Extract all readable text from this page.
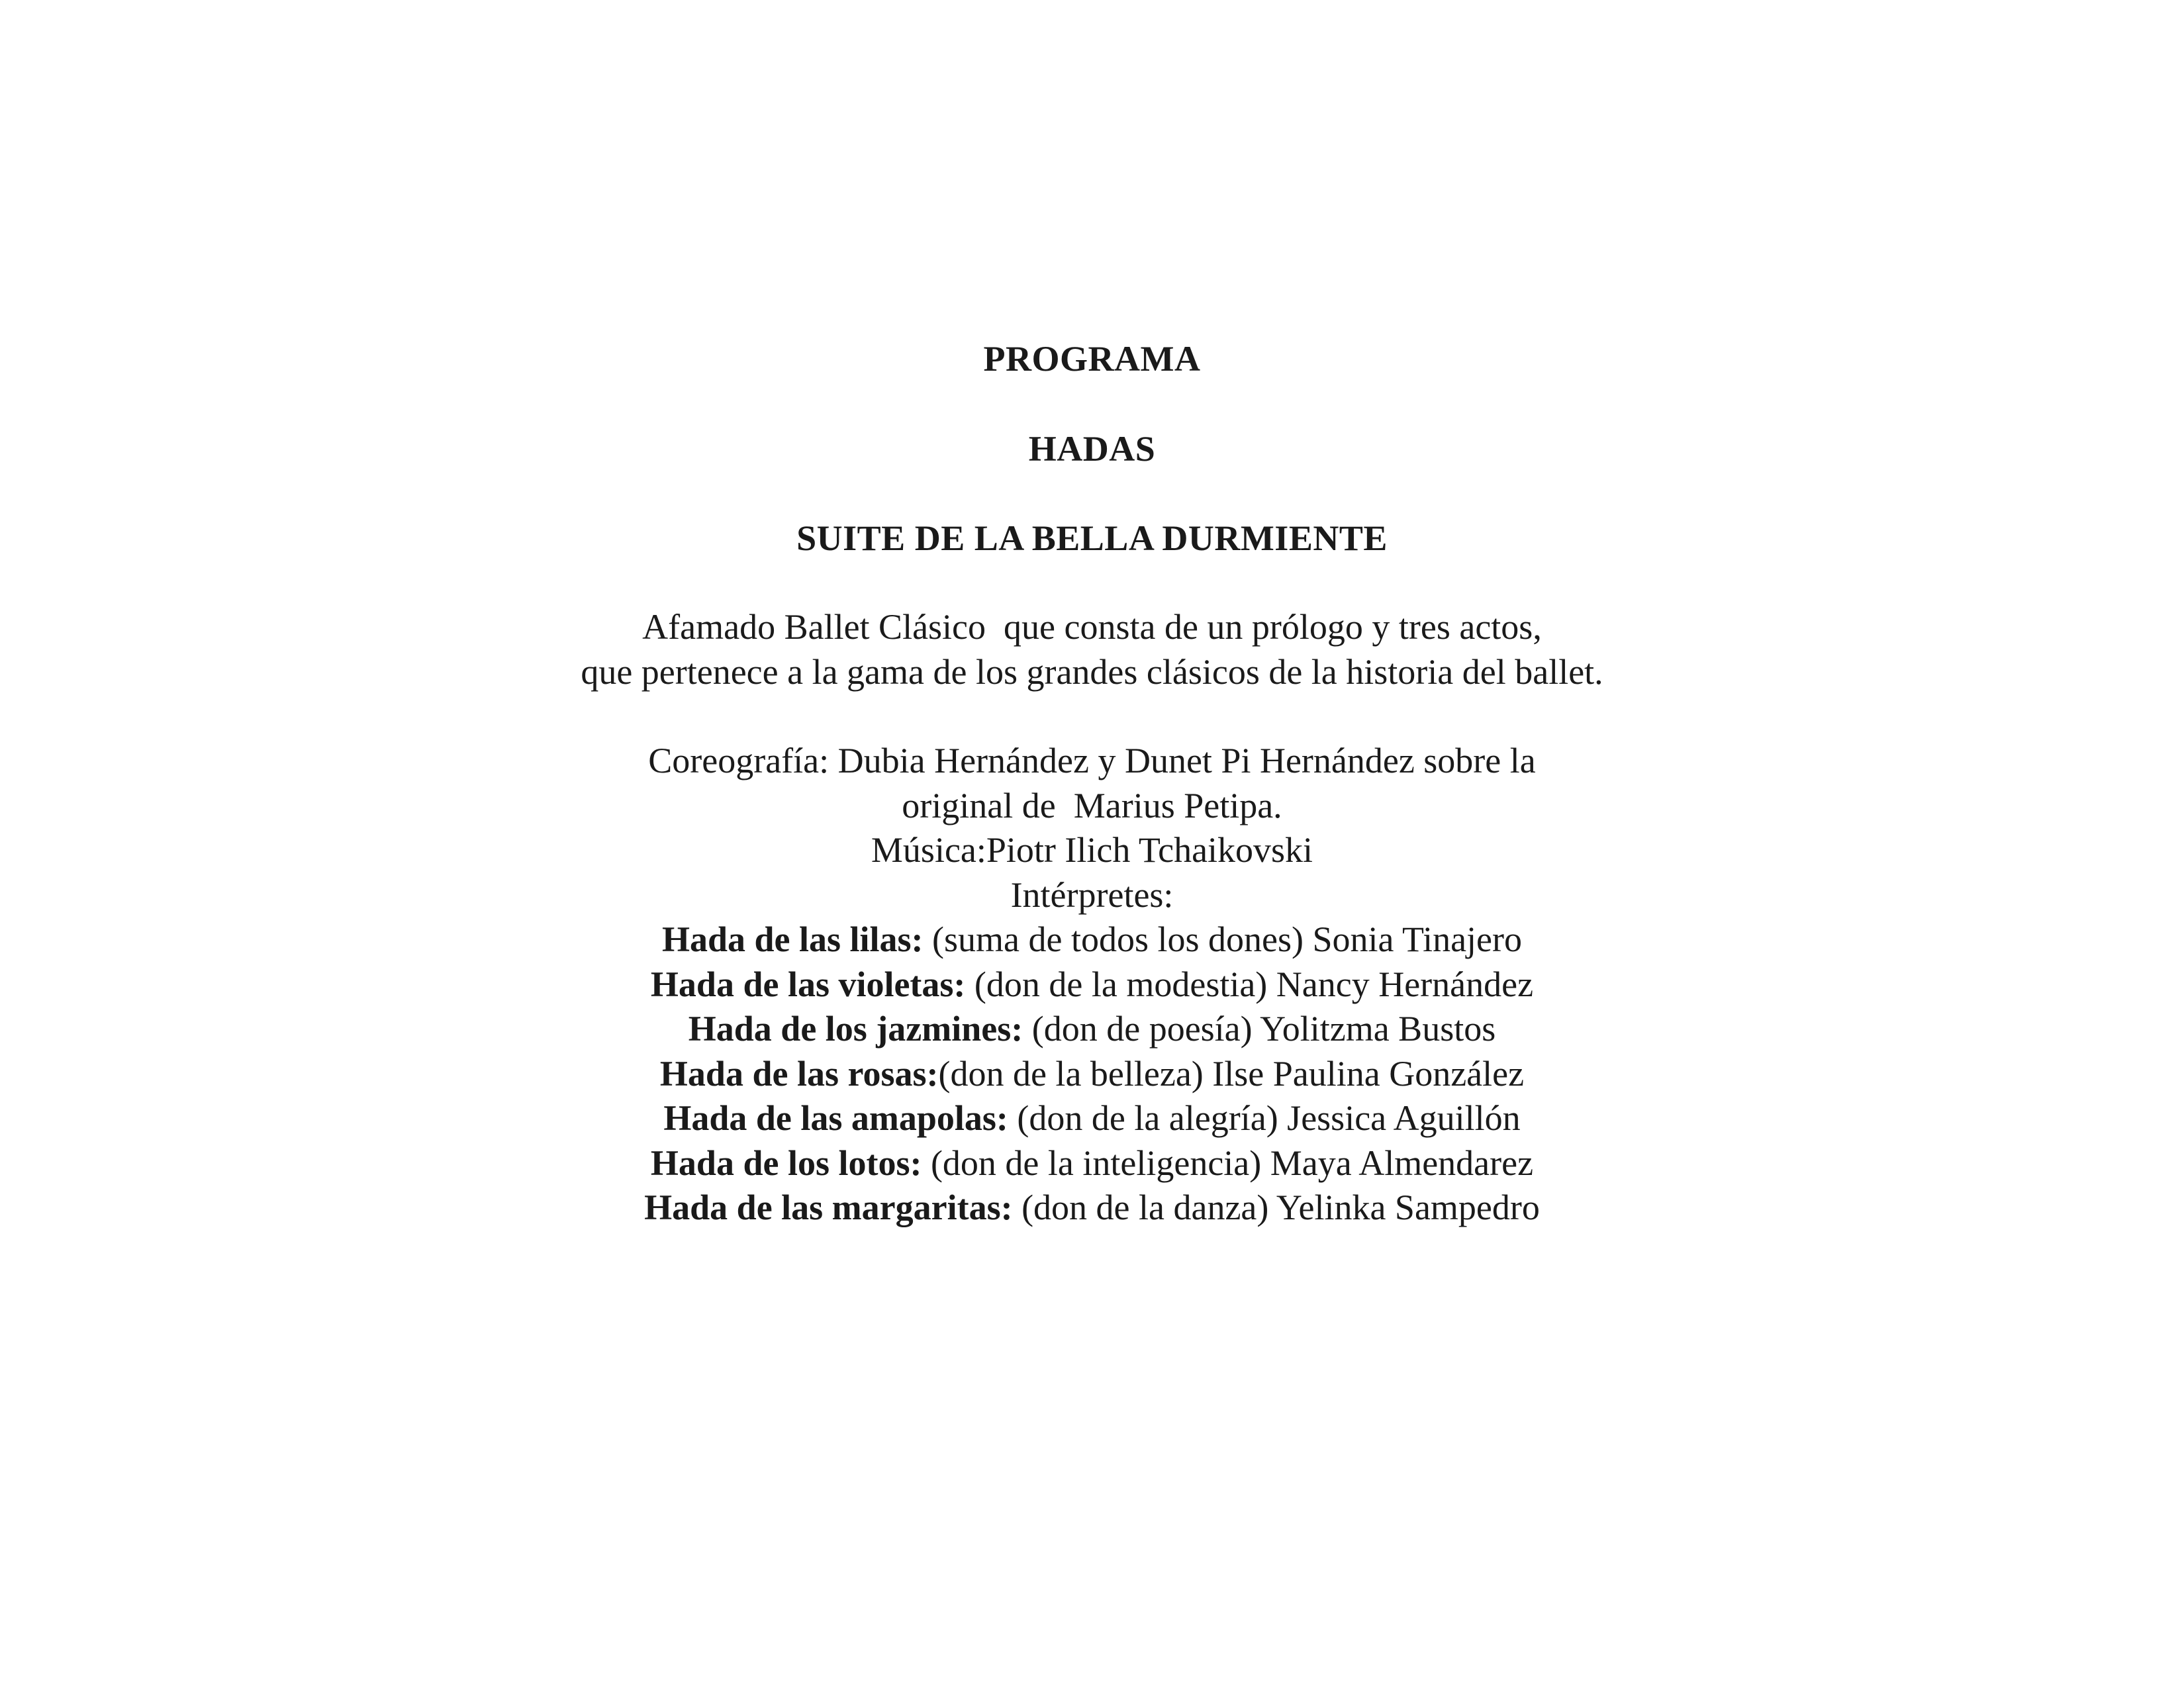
PROGRAMA
HADAS
SUITE DE LA BELLA DURMIENTE
Afamado Ballet Clásico  que consta de un prólogo y tres actos,
que pertenece a la gama de los grandes clásicos de la historia del ballet.
Coreografía: Dubia Hernández y Dunet Pi Hernández sobre la
original de  Marius Petipa.
Música:Piotr Ilich Tchaikovski
Intérpretes:
Hada de las lilas: (suma de todos los dones) Sonia Tinajero
Hada de las violetas: (don de la modestia) Nancy Hernández
Hada de los jazmines: (don de poesía) Yolitzma Bustos
Hada de las rosas:(don de la belleza) Ilse Paulina González
Hada de las amapolas: (don de la alegría) Jessica Aguillón
Hada de los lotos: (don de la inteligencia) Maya Almendarez
Hada de las margaritas: (don de la danza) Yelinka Sampedro
